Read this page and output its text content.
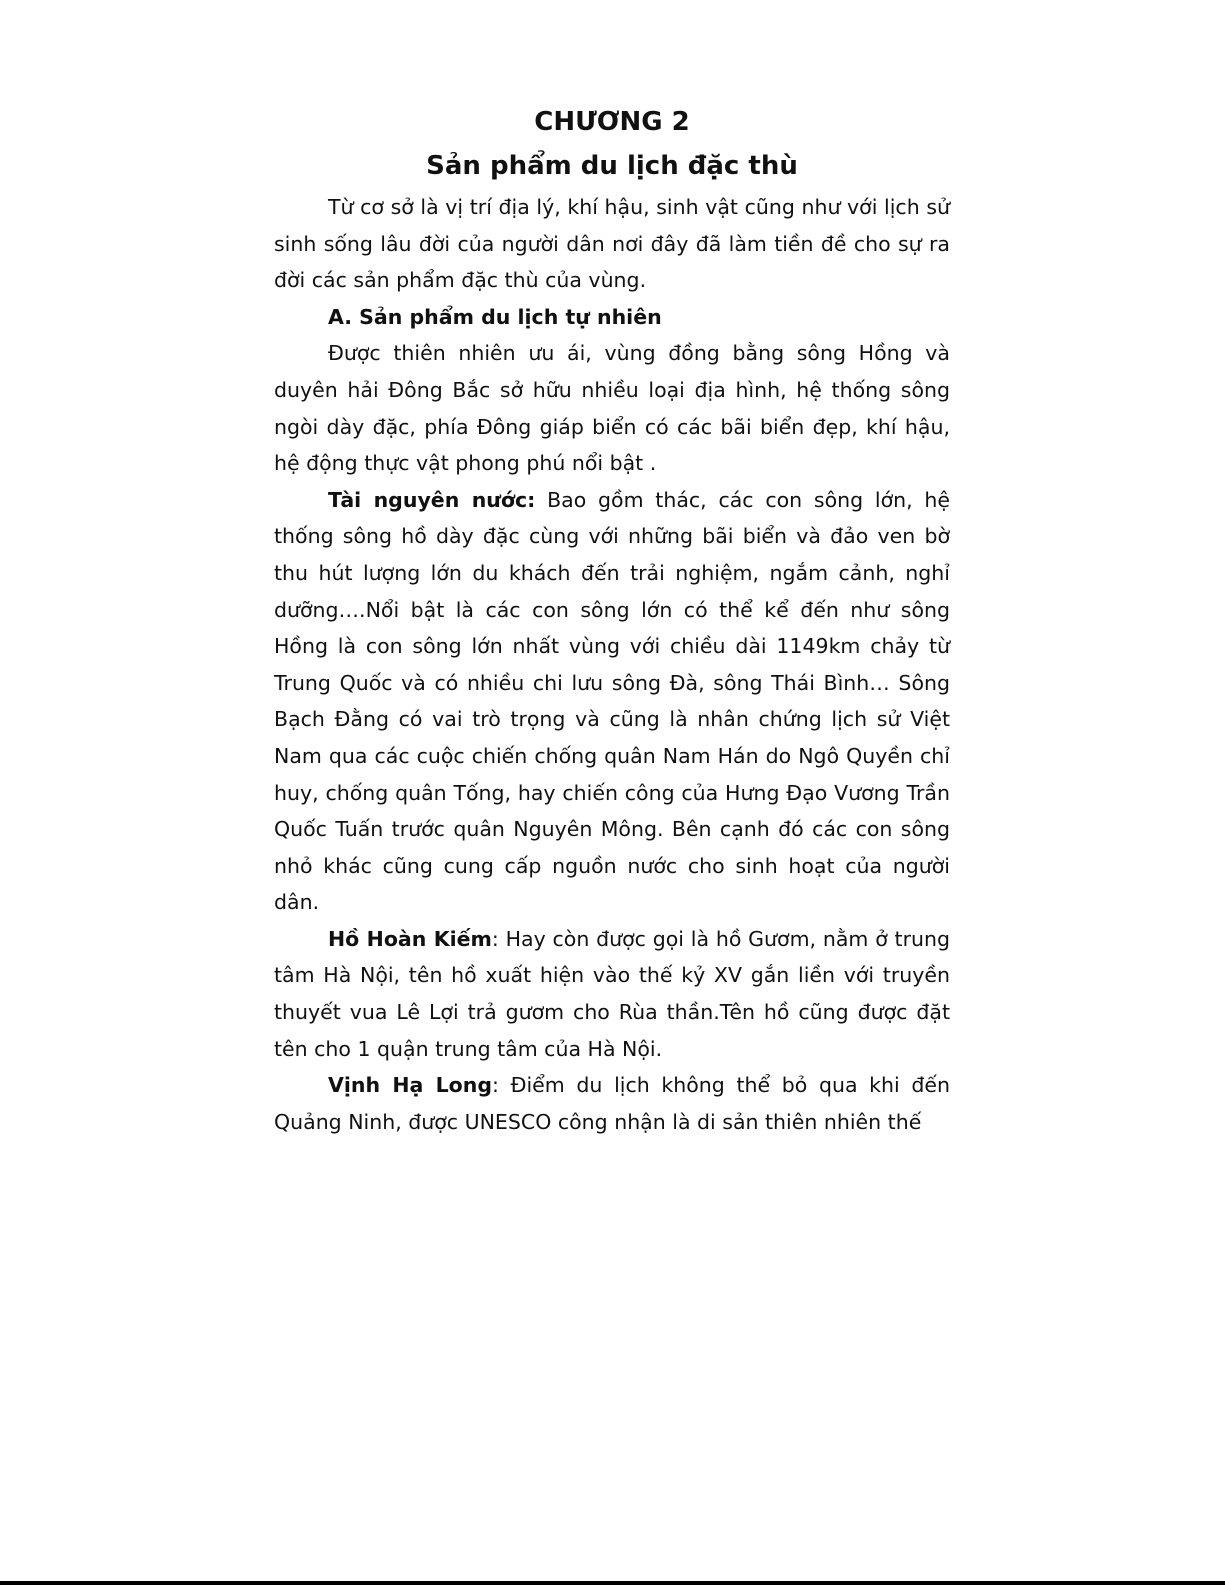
CHƯƠNG 2
Sản phẩm du lịch đặc thù

Từ cơ sở là vị trí địa lý, khí hậu, sinh vật cũng như với lịch sử sinh sống lâu đời của người dân nơi đây đã làm tiền đề cho sự ra đời các sản phẩm đặc thù của vùng.

A. Sản phẩm du lịch tự nhiên

Được thiên nhiên ưu ái, vùng đồng bằng sông Hồng và duyên hải Đông Bắc sở hữu nhiều loại địa hình, hệ thống sông ngòi dày đặc, phía Đông giáp biển có các bãi biển đẹp, khí hậu, hệ động thực vật phong phú nổi bật .

Tài nguyên nước: Bao gồm thác, các con sông lớn, hệ thống sông hồ dày đặc cùng với những bãi biển và đảo ven bờ thu hút lượng lớn du khách đến trải nghiệm, ngắm cảnh, nghỉ dưỡng….Nổi bật là các con sông lớn có thể kể đến như sông Hồng là con sông lớn nhất vùng với chiều dài 1149km chảy từ Trung Quốc và có nhiều chi lưu sông Đà, sông Thái Bình… Sông Bạch Đằng có vai trò trọng và cũng là nhân chứng lịch sử Việt Nam qua các cuộc chiến chống quân Nam Hán do Ngô Quyền chỉ huy, chống quân Tống, hay chiến công của Hưng Đạo Vương Trần Quốc Tuấn trước quân Nguyên Mông. Bên cạnh đó các con sông nhỏ khác cũng cung cấp nguồn nước cho sinh hoạt của người dân.

Hồ Hoàn Kiếm: Hay còn được gọi là hồ Gươm, nằm ở trung tâm Hà Nội, tên hồ xuất hiện vào thế kỷ XV gắn liền với truyền thuyết vua Lê Lợi trả gươm cho Rùa thần.Tên hồ cũng được đặt tên cho 1 quận trung tâm của Hà Nội.

Vịnh Hạ Long: Điểm du lịch không thể bỏ qua khi đến Quảng Ninh, được UNESCO công nhận là di sản thiên nhiên thế
